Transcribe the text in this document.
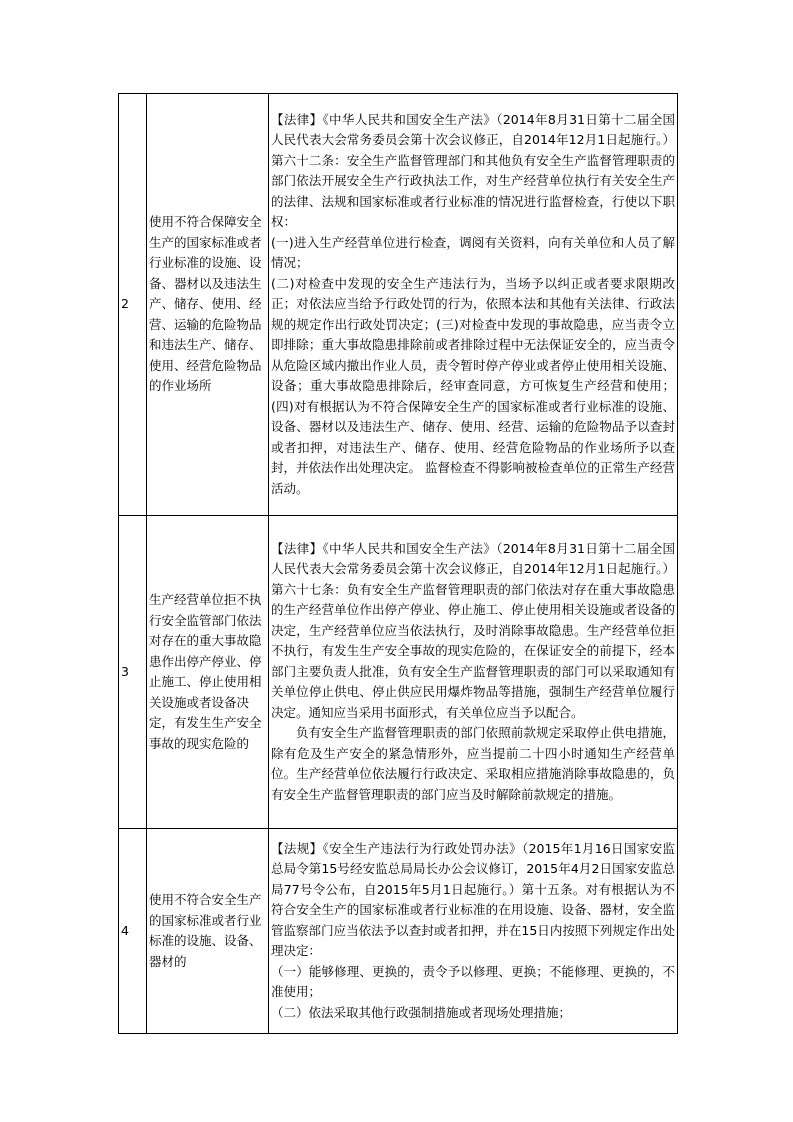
2	使用不符合保障安全生产的国家标准或者行业标准的设施、设备、器材以及违法生产、储存、使用、经营、运输的危险物品和违法生产、储存、使用、经营危险物品的作业场所	【法律】《中华人民共和国安全生产法》（2014年8月31日第十二届全国人民代表大会常务委员会第十次会议修正，自2014年12月1日起施行。）第六十二条：安全生产监督管理部门和其他负有安全生产监督管理职责的部门依法开展安全生产行政执法工作，对生产经营单位执行有关安全生产的法律、法规和国家标准或者行业标准的情况进行监督检查，行使以下职权：

(一)进入生产经营单位进行检查，调阅有关资料，向有关单位和人员了解情况；

(二)对检查中发现的安全生产违法行为，当场予以纠正或者要求限期改正；对依法应当给予行政处罚的行为，依照本法和其他有关法律、行政法规的规定作出行政处罚决定；(三)对检查中发现的事故隐患，应当责令立即排除；重大事故隐患排除前或者排除过程中无法保证安全的，应当责令从危险区域内撤出作业人员，责令暂时停产停业或者停止使用相关设施、设备；重大事故隐患排除后，经审查同意，方可恢复生产经营和使用；(四)对有根据认为不符合保障安全生产的国家标准或者行业标准的设施、设备、器材以及违法生产、储存、使用、经营、运输的危险物品予以查封或者扣押，对违法生产、储存、使用、经营危险物品的作业场所予以查封，并依法作出处理决定。 监督检查不得影响被检查单位的正常生产经营活动。

3	生产经营单位拒不执行安全监管部门依法对存在的重大事故隐患作出停产停业、停止施工、停止使用相关设施或者设备决定，有发生生产安全事故的现实危险的	【法律】《中华人民共和国安全生产法》（2014年8月31日第十二届全国人民代表大会常务委员会第十次会议修正，自2014年12月1日起施行。）第六十七条：负有安全生产监督管理职责的部门依法对存在重大事故隐患的生产经营单位作出停产停业、停止施工、停止使用相关设施或者设备的决定，生产经营单位应当依法执行，及时消除事故隐患。生产经营单位拒不执行，有发生生产安全事故的现实危险的，在保证安全的前提下，经本部门主要负责人批准，负有安全生产监督管理职责的部门可以采取通知有关单位停止供电、停止供应民用爆炸物品等措施，强制生产经营单位履行决定。通知应当采用书面形式，有关单位应当予以配合。

负有安全生产监督管理职责的部门依照前款规定采取停止供电措施，除有危及生产安全的紧急情形外，应当提前二十四小时通知生产经营单位。生产经营单位依法履行行政决定、采取相应措施消除事故隐患的，负有安全生产监督管理职责的部门应当及时解除前款规定的措施。

4	使用不符合安全生产的国家标准或者行业标准的设施、设备、器材的	【法规】《安全生产违法行为行政处罚办法》（2015年1月16日国家安监总局令第15号经安监总局局长办公会议修订，2015年4月2日国家安监总局77号令公布，自2015年5月1日起施行。）第十五条。对有根据认为不符合安全生产的国家标准或者行业标准的在用设施、设备、器材，安全监管监察部门应当依法予以查封或者扣押，并在15日内按照下列规定作出处理决定：

（一）能够修理、更换的，责令予以修理、更换；不能修理、更换的，不准使用；

（二）依法采取其他行政强制措施或者现场处理措施；
